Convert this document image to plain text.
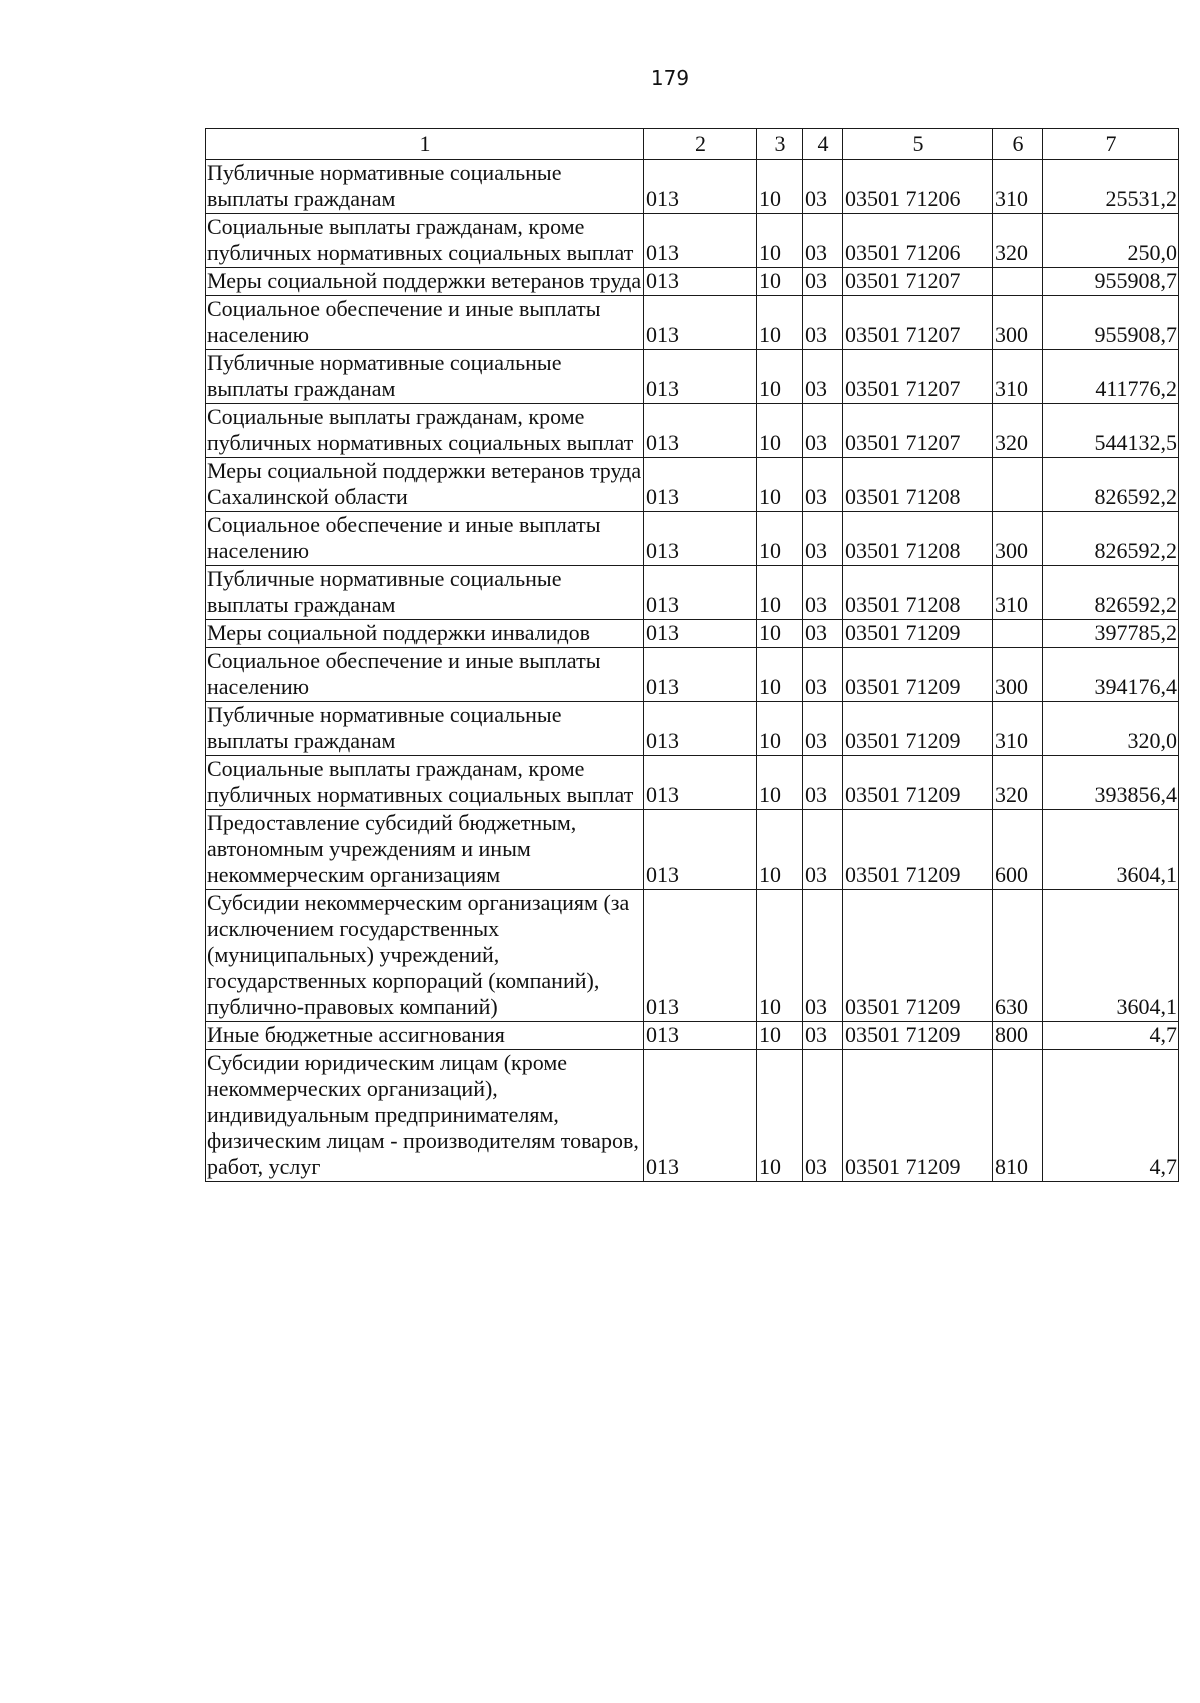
179
1	2	3	4	5	6	7
Публичные нормативные социальные выплаты гражданам	013	10	03	03501 71206	310	25531,2
Социальные выплаты гражданам, кроме публичных нормативных социальных выплат	013	10	03	03501 71206	320	250,0
Меры социальной поддержки ветеранов труда	013	10	03	03501 71207		955908,7
Социальное обеспечение и иные выплаты населению	013	10	03	03501 71207	300	955908,7
Публичные нормативные социальные выплаты гражданам	013	10	03	03501 71207	310	411776,2
Социальные выплаты гражданам, кроме публичных нормативных социальных выплат	013	10	03	03501 71207	320	544132,5
Меры социальной поддержки ветеранов труда Сахалинской области	013	10	03	03501 71208		826592,2
Социальное обеспечение и иные выплаты населению	013	10	03	03501 71208	300	826592,2
Публичные нормативные социальные выплаты гражданам	013	10	03	03501 71208	310	826592,2
Меры социальной поддержки инвалидов	013	10	03	03501 71209		397785,2
Социальное обеспечение и иные выплаты населению	013	10	03	03501 71209	300	394176,4
Публичные нормативные социальные выплаты гражданам	013	10	03	03501 71209	310	320,0
Социальные выплаты гражданам, кроме публичных нормативных социальных выплат	013	10	03	03501 71209	320	393856,4
Предоставление субсидий бюджетным, автономным учреждениям и иным некоммерческим организациям	013	10	03	03501 71209	600	3604,1
Субсидии некоммерческим организациям (за исключением государственных (муниципальных) учреждений, государственных корпораций (компаний), публично-правовых компаний)	013	10	03	03501 71209	630	3604,1
Иные бюджетные ассигнования	013	10	03	03501 71209	800	4,7
Субсидии юридическим лицам (кроме некоммерческих организаций), индивидуальным предпринимателям, физическим лицам - производителям товаров, работ, услуг	013	10	03	03501 71209	810	4,7
